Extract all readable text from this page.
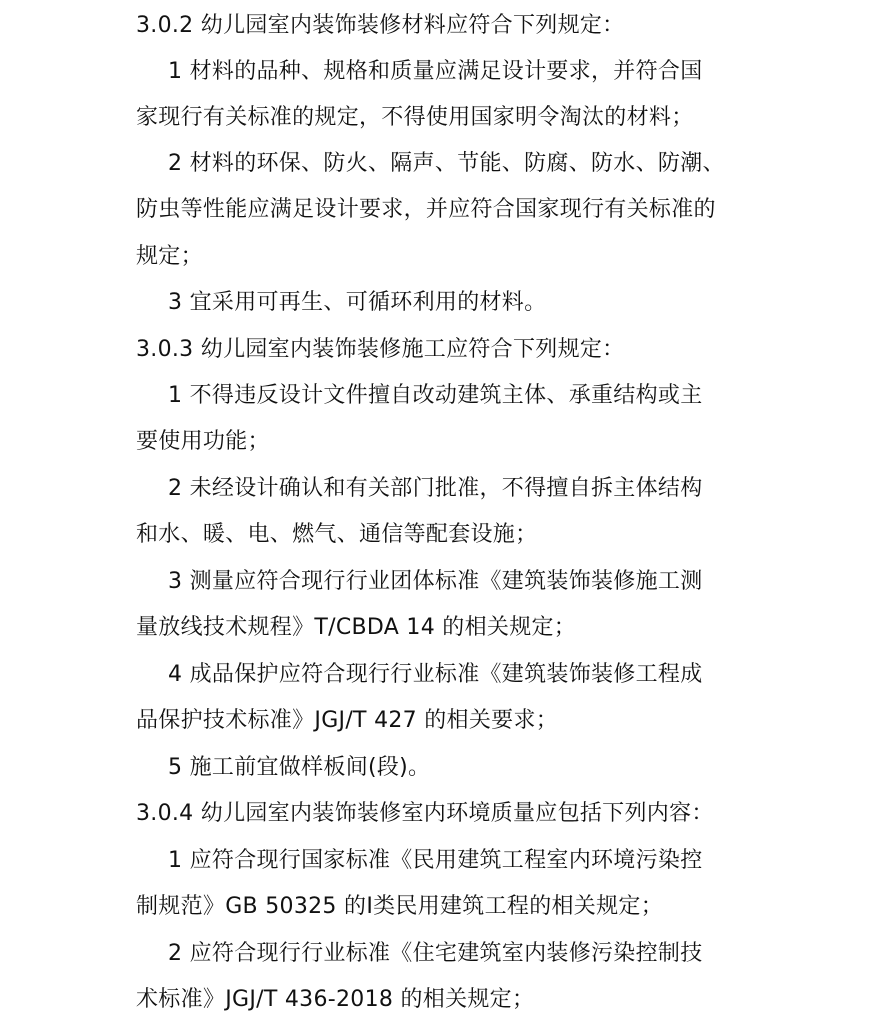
3.0.2 幼儿园室内装饰装修材料应符合下列规定：
1 材料的品种、规格和质量应满足设计要求，并符合国
家现行有关标准的规定，不得使用国家明令淘汰的材料；
2 材料的环保、防火、隔声、节能、防腐、防水、防潮、
防虫等性能应满足设计要求，并应符合国家现行有关标准的
规定；
3 宜采用可再生、可循环利用的材料。
3.0.3 幼儿园室内装饰装修施工应符合下列规定：
1 不得违反设计文件擅自改动建筑主体、承重结构或主
要使用功能；
2 未经设计确认和有关部门批准，不得擅自拆主体结构
和水、暖、电、燃气、通信等配套设施；
3 测量应符合现行行业团体标准《建筑装饰装修施工测
量放线技术规程》T/CBDA 14 的相关规定；
4 成品保护应符合现行行业标准《建筑装饰装修工程成
品保护技术标准》JGJ/T 427 的相关要求；
5 施工前宜做样板间(段)。
3.0.4 幼儿园室内装饰装修室内环境质量应包括下列内容：
1 应符合现行国家标准《民用建筑工程室内环境污染控
制规范》GB 50325 的Ⅰ类民用建筑工程的相关规定；
2 应符合现行行业标准《住宅建筑室内装修污染控制技
术标准》JGJ/T 436-2018 的相关规定；
